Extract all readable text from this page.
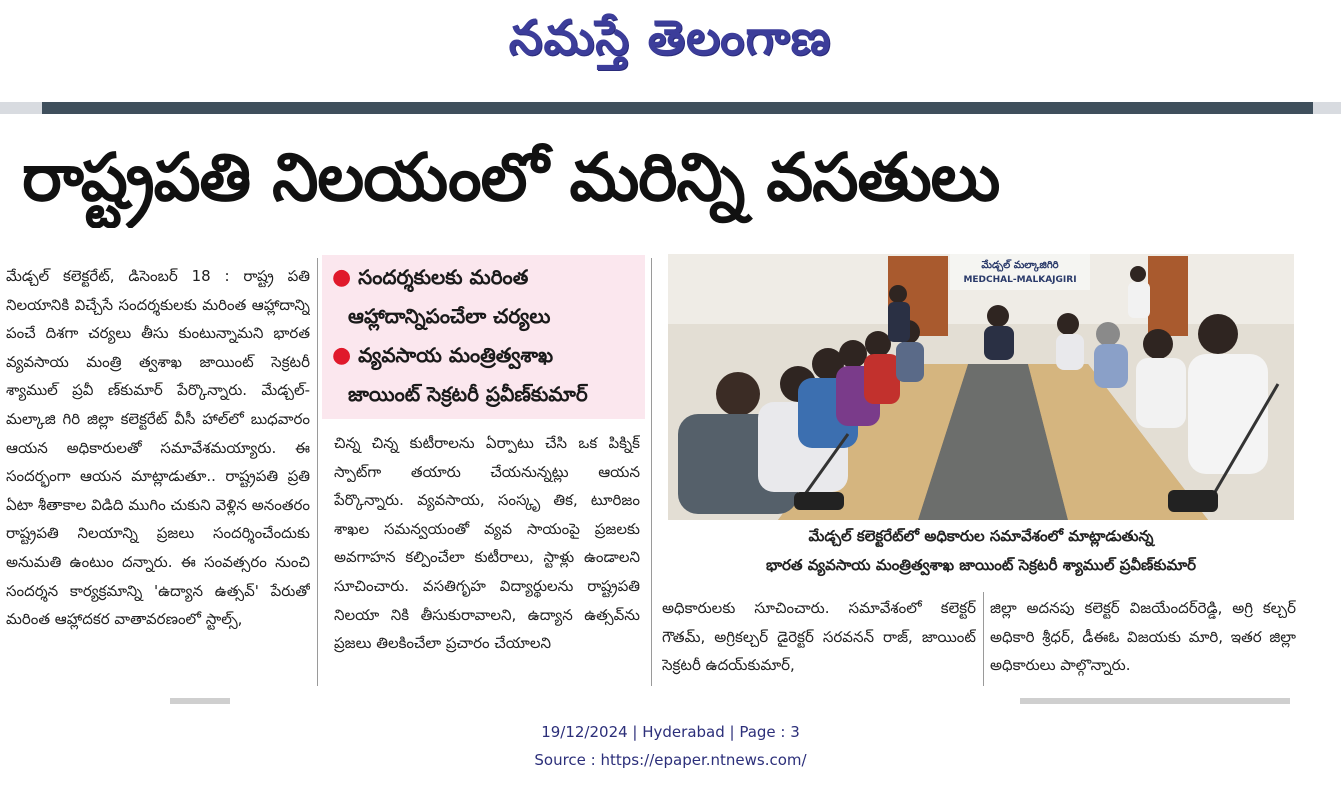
నమస్తే తెలంగాణ
రాష్ట్రపతి నిలయంలో మరిన్ని వసతులు

మేడ్చల్ కలెక్టరేట్, డిసెంబర్ 18 : రాష్ట్ర పతి నిలయానికి విచ్చేసే సందర్శకులకు మరింత ఆహ్లాదాన్ని పంచే దిశగా చర్యలు తీసు కుంటున్నామని భారత వ్యవసాయ మంత్రి త్వశాఖ జాయింట్ సెక్రటరీ శ్యాముల్ ప్రవీ ణ్‌కుమార్ పేర్కొన్నారు. మేడ్చల్-మల్కాజి గిరి జిల్లా కలెక్టరేట్ వీసీ హాల్‌లో బుధవారం ఆయన అధికారులతో సమావేశమయ్యారు. ఈ సందర్భంగా ఆయన మాట్లాడుతూ.. రాష్ట్రపతి ప్రతి ఏటా శీతాకాల విడిది ముగిం చుకుని వెళ్లిన అనంతరం రాష్ట్రపతి నిలయాన్ని ప్రజలు సందర్శించేందుకు అనుమతి ఉంటుం దన్నారు. ఈ సంవత్సరం నుంచి సందర్శన కార్యక్రమాన్ని 'ఉద్యాన ఉత్సవ్' పేరుతో మరింత ఆహ్లాదకర వాతావరణంలో స్టాల్స్,

● సందర్శకులకు మరింత
ఆహ్లాదాన్నిపంచేలా చర్యలు
● వ్యవసాయ మంత్రిత్వశాఖ
జాయింట్ సెక్రటరీ ప్రవీణ్‌కుమార్

చిన్న చిన్న కుటీరాలను ఏర్పాటు చేసి ఒక పిక్నిక్ స్పాట్‌గా తయారు చేయనున్నట్లు ఆయన పేర్కొన్నారు. వ్యవసాయ, సంస్కృ తిక, టూరిజం శాఖల సమన్వయంతో వ్యవ సాయంపై ప్రజలకు అవగాహన కల్పించేలా కుటీరాలు, స్టాళ్లు ఉండాలని సూచించారు. వసతిగృహ విద్యార్థులను రాష్ట్రపతి నిలయా నికి తీసుకురావాలని, ఉద్యాన ఉత్సవ్‌ను ప్రజలు తిలకించేలా ప్రచారం చేయాలని

మేడ్చల్ మల్కాజిగిరి
MEDCHAL-MALKAJGIRI
మేడ్చల్ కలెక్టరేట్‌లో అధికారుల సమావేశంలో మాట్లాడుతున్న
భారత వ్యవసాయ మంత్రిత్వశాఖ జాయింట్ సెక్రటరీ శ్యాముల్ ప్రవీణ్‌కుమార్

అధికారులకు సూచించారు. సమావేశంలో కలెక్టర్ గౌతమ్, అగ్రికల్చర్ డైరెక్టర్ సరవనన్ రాజ్, జాయింట్ సెక్రటరీ ఉదయ్‌కుమార్,

జిల్లా అదనపు కలెక్టర్ విజయేందర్‌రెడ్డి, అగ్రి కల్చర్ అధికారి శ్రీధర్, డీఈఓ విజయకు మారి, ఇతర జిల్లా అధికారులు పాల్గొన్నారు.

19/12/2024 | Hyderabad | Page : 3
Source : https://epaper.ntnews.com/
